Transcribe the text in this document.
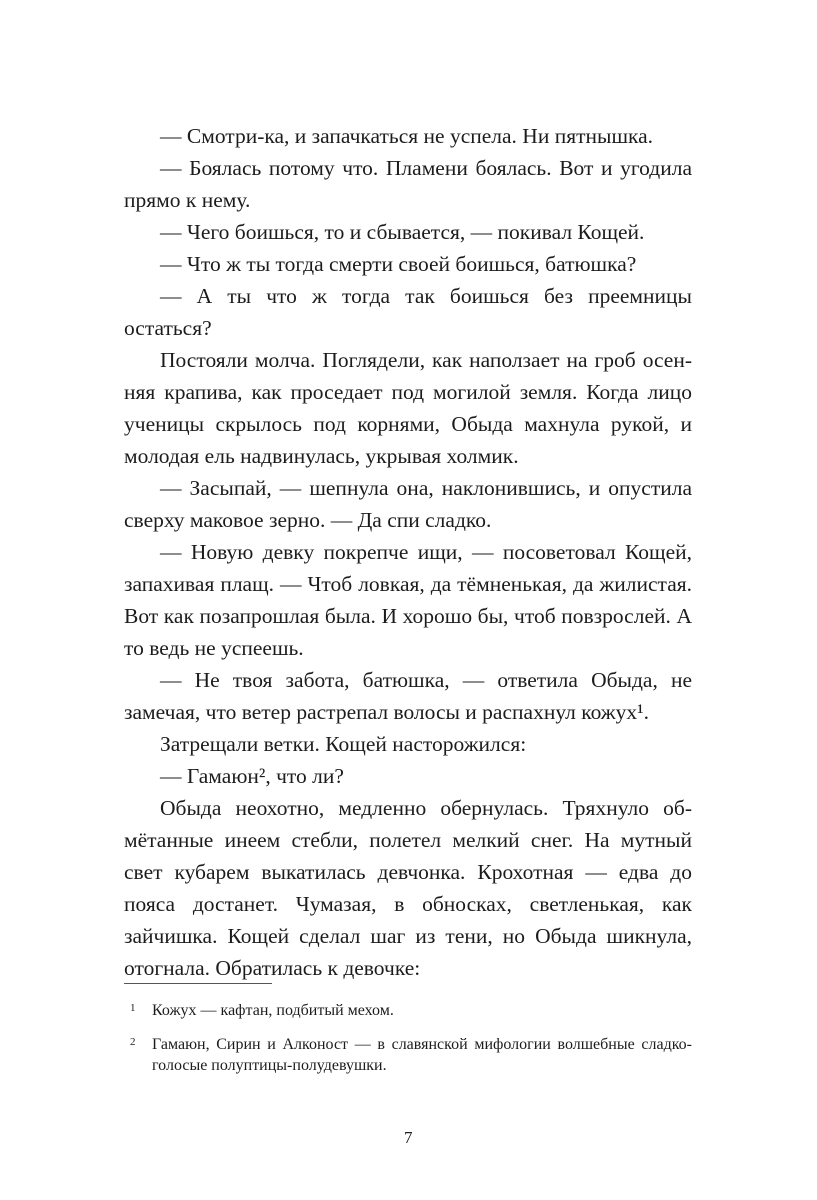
— Смотри-ка, и запачкаться не успела. Ни пятнышка.

— Боялась потому что. Пламени боялась. Вот и угодила прямо к нему.

— Чего боишься, то и сбывается, — покивал Кощей.

— Что ж ты тогда смерти своей боишься, батюшка?

— А ты что ж тогда так боишься без преемницы остаться?

Постояли молча. Поглядели, как наползает на гроб осенняя крапива, как проседает под могилой земля. Когда лицо ученицы скрылось под корнями, Обыда махнула рукой, и молодая ель надвинулась, укрывая холмик.

— Засыпай, — шепнула она, наклонившись, и опустила сверху маковое зерно. — Да спи сладко.

— Новую девку покрепче ищи, — посоветовал Кощей, запахивая плащ. — Чтоб ловкая, да тёмненькая, да жилистая. Вот как позапрошлая была. И хорошо бы, чтоб повзрослей. А то ведь не успеешь.

— Не твоя забота, батюшка, — ответила Обыда, не замечая, что ветер растрепал волосы и распахнул кожух¹.

Затрещали ветки. Кощей насторожился:

— Гамаюн², что ли?

Обыда неохотно, медленно обернулась. Тряхнуло обмётанные инеем стебли, полетел мелкий снег. На мутный свет кубарем выкатилась девчонка. Крохотная — едва до пояса достанет. Чумазая, в обносках, светленькая, как зайчишка. Кощей сделал шаг из тени, но Обыда шикнула, отогнала. Обратилась к девочке:

1 Кожух — кафтан, подбитый мехом.
2 Гамаюн, Сирин и Алконост — в славянской мифологии волшебные сладкоголосые полуптицы-полудевушки.
7
